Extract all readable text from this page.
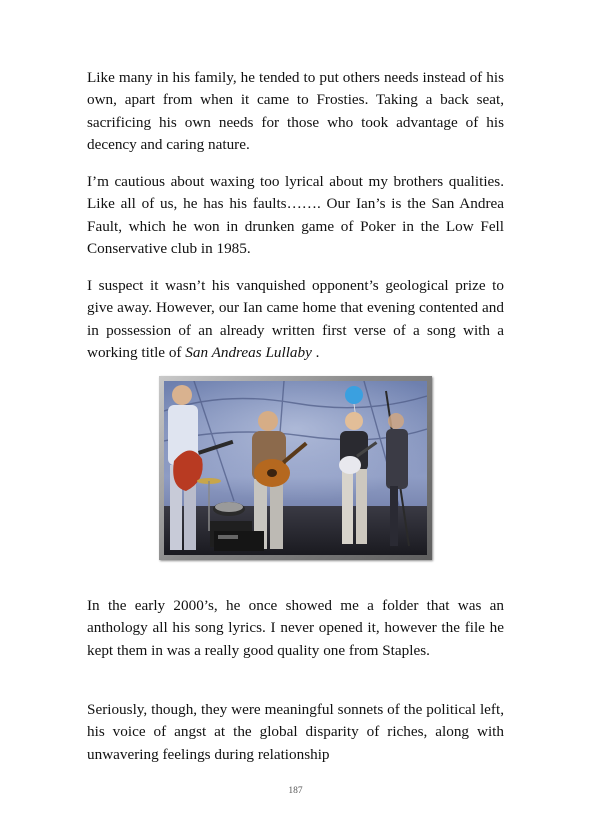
Like many in his family, he tended to put others needs instead of his own, apart from when it came to Frosties. Taking a back seat, sacrificing his own needs for those who took advantage of his decency and caring nature.

I’m cautious about waxing too lyrical about my brothers qualities. Like all of us, he has his faults……. Our Ian’s is the San Andrea Fault, which he won in drunken game of Poker in the Low Fell Conservative club in 1985.

I suspect it wasn’t his vanquished opponent’s geological prize to give away. However, our Ian came home that evening contented and in possession of an already written first verse of a song with a working title of San Andreas Lullaby .

In the early 2000’s, he once showed me a folder that was an anthology all his song lyrics. I never opened it, however the file he kept them in was a really good quality one from Staples.

Seriously, though, they were meaningful sonnets of the political left, his voice of angst at the global disparity of riches, along with unwavering feelings during relationship

187
